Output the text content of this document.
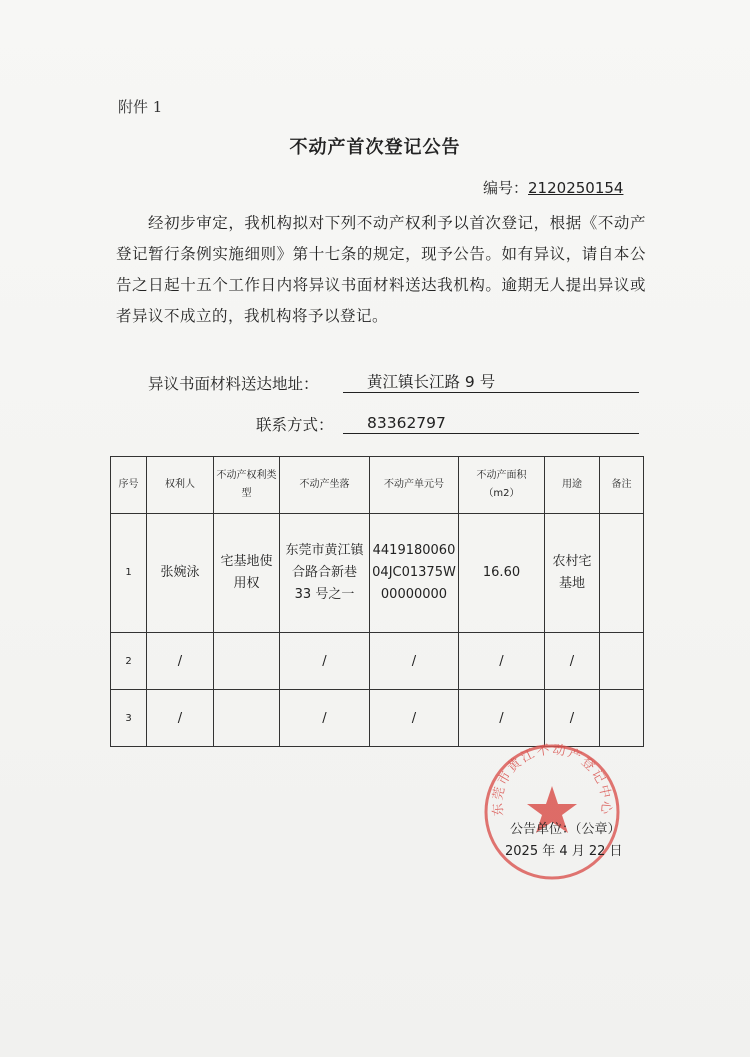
附件 1
不动产首次登记公告
编号：2120250154
经初步审定，我机构拟对下列不动产权利予以首次登记，根据《不动产登记暂行条例实施细则》第十七条的规定，现予公告。如有异议，请自本公告之日起十五个工作日内将异议书面材料送达我机构。逾期无人提出异议或者异议不成立的，我机构将予以登记。
异议书面材料送达地址：	黄江镇长江路 9 号
联系方式：	83362797
序号	权利人	不动产权利类型	不动产坐落	不动产单元号	不动产面积（m2）	用途	备注
1	张婉泳	宅基地使用权	东莞市黄江镇合路合新巷 33 号之一	441918006004JC01375W00000000	16.60	农村宅基地	
2	/		/	/	/	/	
3	/		/	/	/	/	
东莞市黄江不动产登记中心
公告单位：（公章）
2025 年 4 月 22 日
